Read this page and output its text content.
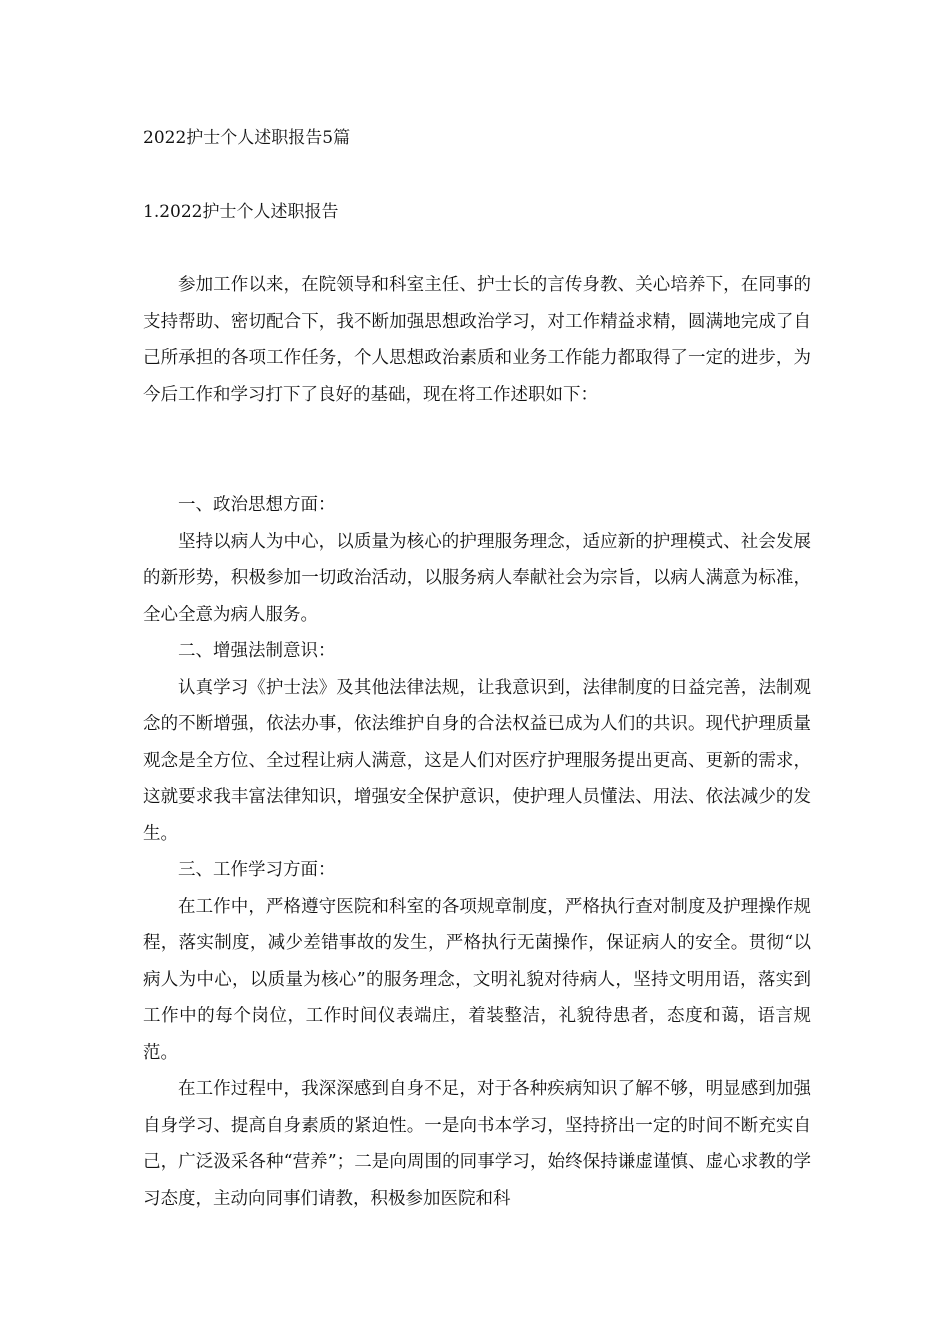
2022护士个人述职报告5篇
1.2022护士个人述职报告

参加工作以来，在院领导和科室主任、护士长的言传身教、关心培养下，在同事的支持帮助、密切配合下，我不断加强思想政治学习，对工作精益求精，圆满地完成了自己所承担的各项工作任务，个人思想政治素质和业务工作能力都取得了一定的进步，为今后工作和学习打下了良好的基础，现在将工作述职如下：

一、政治思想方面：

坚持以病人为中心，以质量为核心的护理服务理念，适应新的护理模式、社会发展的新形势，积极参加一切政治活动，以服务病人奉献社会为宗旨，以病人满意为标准，全心全意为病人服务。

二、增强法制意识：

认真学习《护士法》及其他法律法规，让我意识到，法律制度的日益完善，法制观念的不断增强，依法办事，依法维护自身的合法权益已成为人们的共识。现代护理质量观念是全方位、全过程让病人满意，这是人们对医疗护理服务提出更高、更新的需求，这就要求我丰富法律知识，增强安全保护意识，使护理人员懂法、用法、依法减少的发生。

三、工作学习方面：

在工作中，严格遵守医院和科室的各项规章制度，严格执行查对制度及护理操作规程，落实制度，减少差错事故的发生，严格执行无菌操作，保证病人的安全。贯彻“以病人为中心，以质量为核心”的服务理念，文明礼貌对待病人，坚持文明用语，落实到工作中的每个岗位，工作时间仪表端庄，着装整洁，礼貌待患者，态度和蔼，语言规范。

在工作过程中，我深深感到自身不足，对于各种疾病知识了解不够，明显感到加强自身学习、提高自身素质的紧迫性。一是向书本学习，坚持挤出一定的时间不断充实自己，广泛汲采各种“营养”；二是向周围的同事学习，始终保持谦虚谨慎、虚心求教的学习态度，主动向同事们请教，积极参加医院和科
